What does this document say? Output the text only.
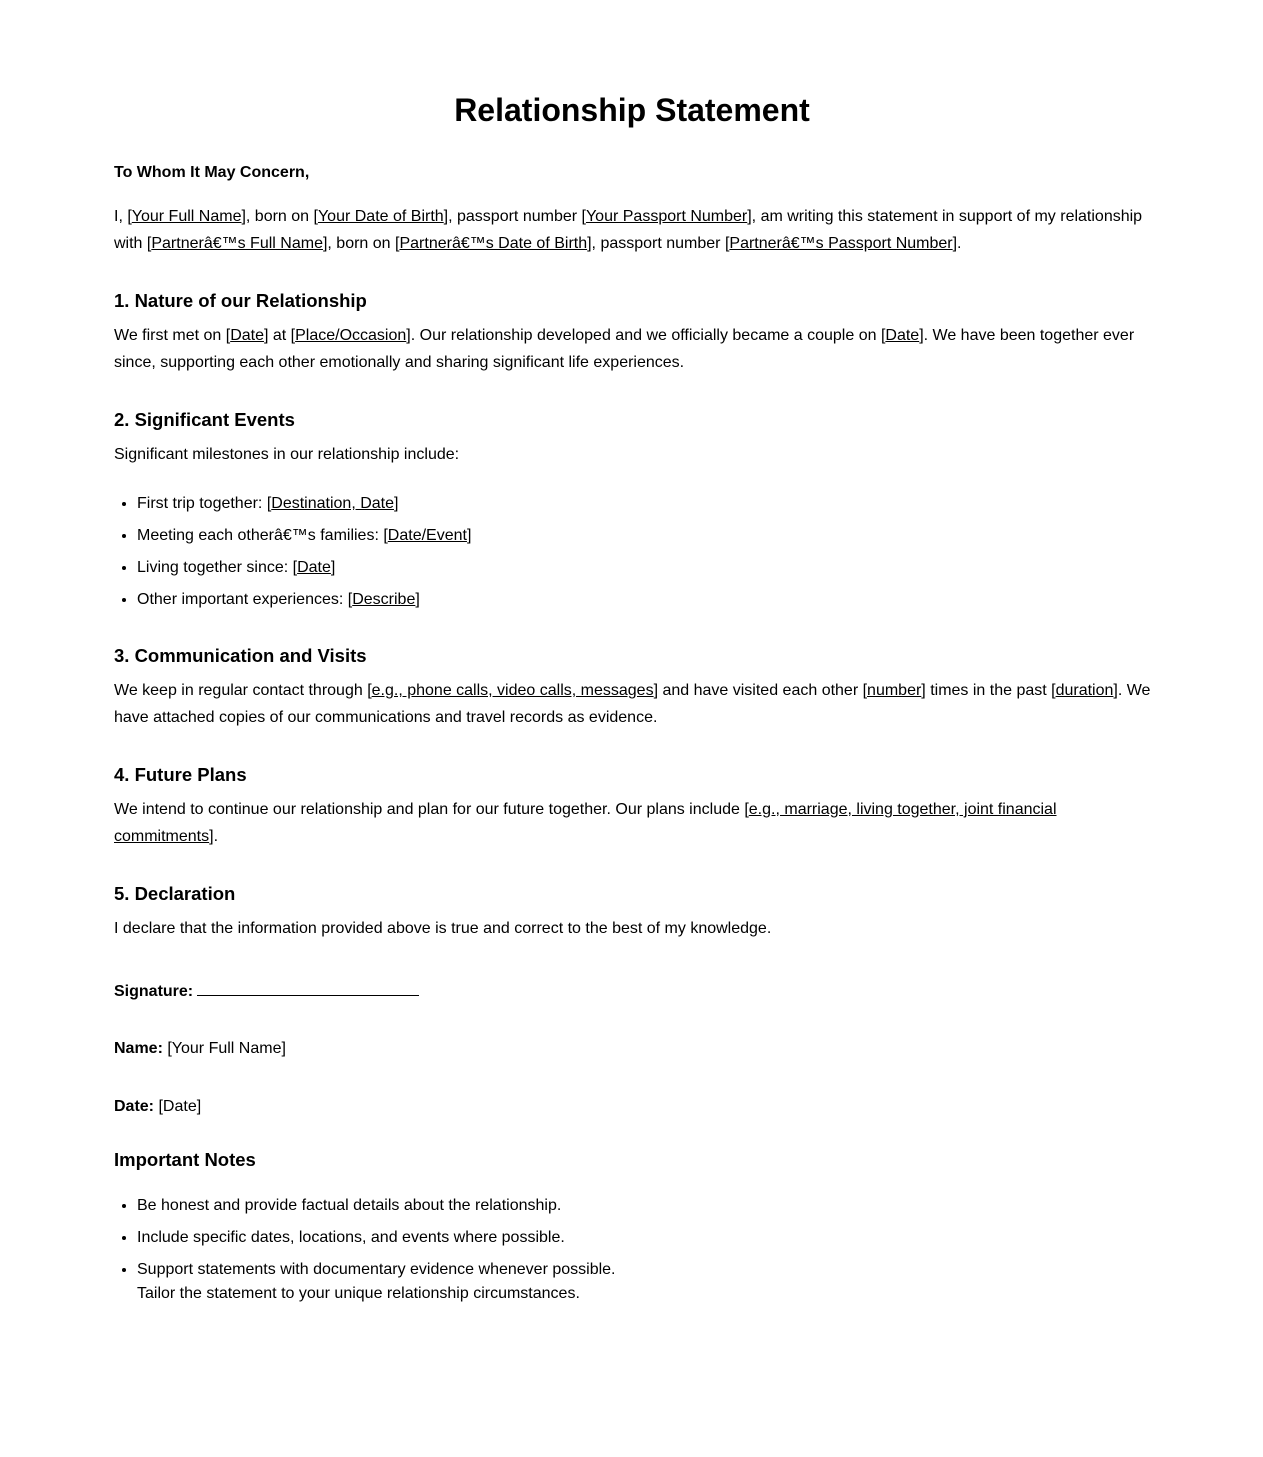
Relationship Statement

To Whom It May Concern,

I, [Your Full Name], born on [Your Date of Birth], passport number [Your Passport Number], am writing this statement in support of my relationship with [Partnerâ€™s Full Name], born on [Partnerâ€™s Date of Birth], passport number [Partnerâ€™s Passport Number].

1. Nature of our Relationship

We first met on [Date] at [Place/Occasion]. Our relationship developed and we officially became a couple on [Date]. We have been together ever since, supporting each other emotionally and sharing significant life experiences.

2. Significant Events

Significant milestones in our relationship include:

• First trip together: [Destination, Date]
• Meeting each otherâ€™s families: [Date/Event]
• Living together since: [Date]
• Other important experiences: [Describe]
3. Communication and Visits

We keep in regular contact through [e.g., phone calls, video calls, messages] and have visited each other [number] times in the past [duration]. We have attached copies of our communications and travel records as evidence.

4. Future Plans

We intend to continue our relationship and plan for our future together. Our plans include [e.g., marriage, living together, joint financial commitments].

5. Declaration

I declare that the information provided above is true and correct to the best of my knowledge.

Signature:

Name: [Your Full Name]

Date: [Date]

Important Notes
• Be honest and provide factual details about the relationship.
• Include specific dates, locations, and events where possible.
• Support statements with documentary evidence whenever possible.
Tailor the statement to your unique relationship circumstances.
